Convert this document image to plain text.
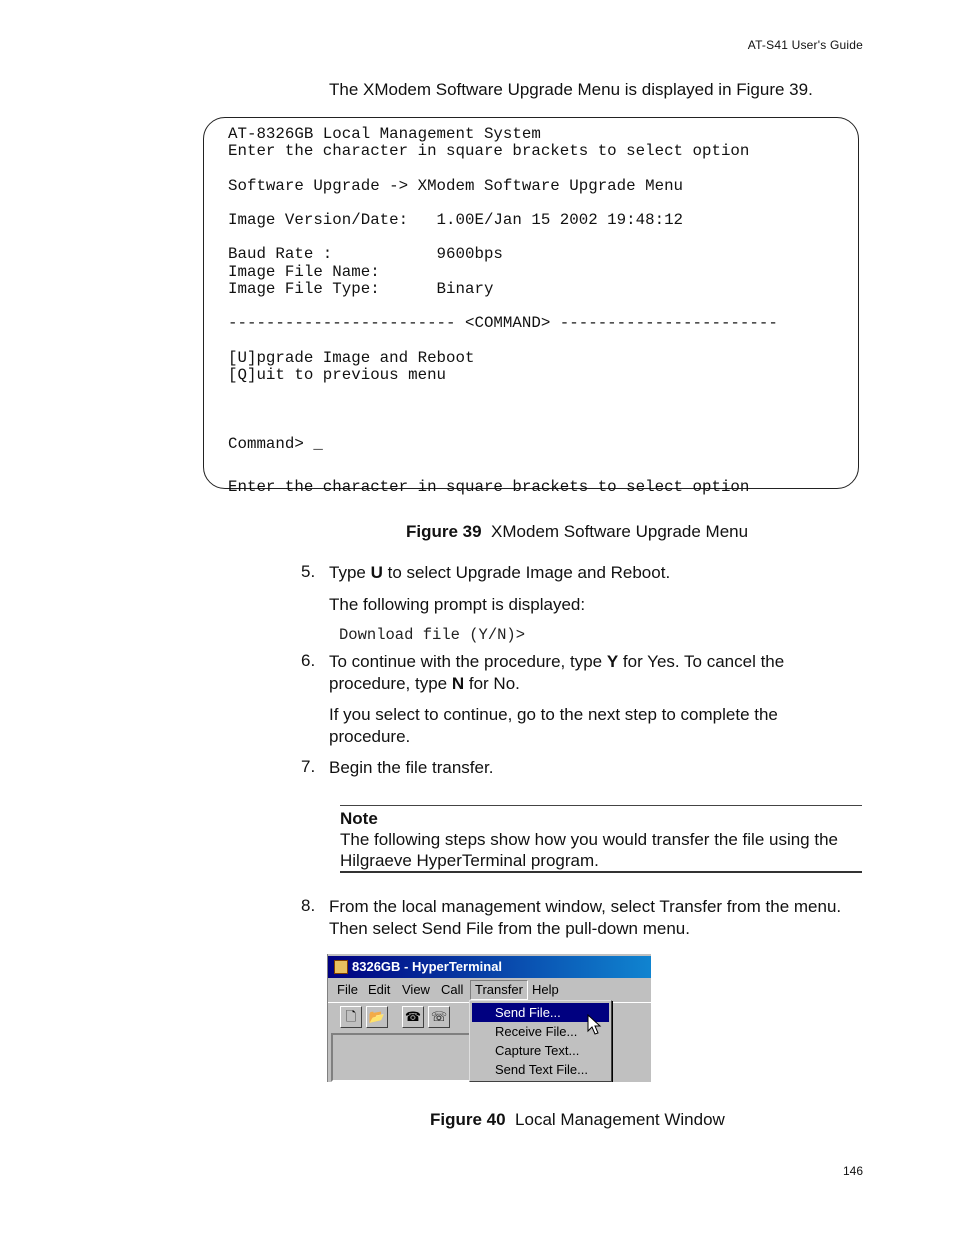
AT-S41 User's Guide
The XModem Software Upgrade Menu is displayed in Figure 39.
AT-8326GB Local Management System
Enter the character in square brackets to select option

Software Upgrade -> XModem Software Upgrade Menu

Image Version/Date:   1.00E/Jan 15 2002 19:48:12

Baud Rate :           9600bps
Image File Name:
Image File Type:      Binary

------------------------ <COMMAND> -----------------------

[U]pgrade Image and Reboot
[Q]uit to previous menu

Command> _

Enter the character in square brackets to select option

Figure 39 XModem Software Upgrade Menu
5. Type U to select Upgrade Image and Reboot.
The following prompt is displayed:
Download file (Y/N)>
6. To continue with the procedure, type Y for Yes. To cancel the procedure, type N for No.
If you select to continue, go to the next step to complete the procedure.
7. Begin the file transfer.
Note
The following steps show how you would transfer the file using the Hilgraeve HyperTerminal program.
8. From the local management window, select Transfer from the menu. Then select Send File from the pull-down menu.
8326GB - HyperTerminal
File Edit View Call Transfer Help
🗋 📂 ☎ ☏	Send File...
Receive File...
Capture Text...
Send Text File...
Figure 40 Local Management Window
146
